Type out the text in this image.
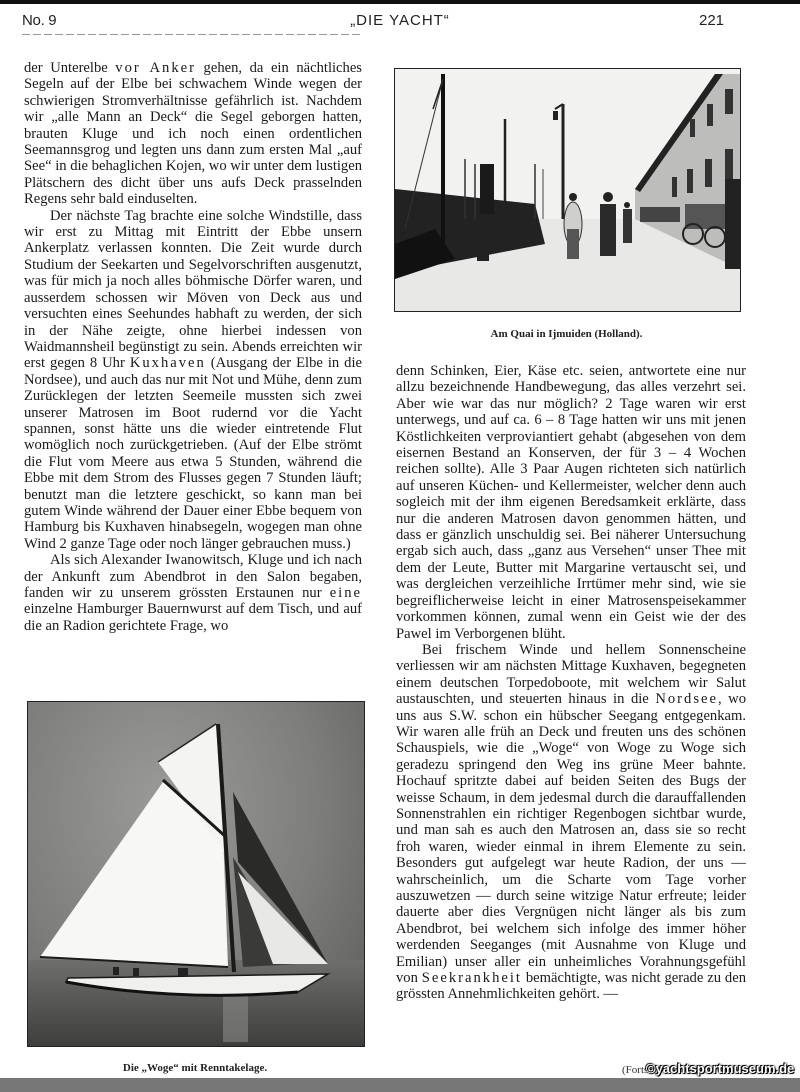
No. 9	„DIE YACHT“	221

der Unterelbe vor Anker gehen, da ein nächtliches Segeln auf der Elbe bei schwachem Winde wegen der schwierigen Stromverhältnisse gefährlich ist. Nachdem wir „alle Mann an Deck“ die Segel geborgen hatten, brauten Kluge und ich noch einen ordentlichen Seemannsgrog und legten uns dann zum ersten Mal „auf See“ in die behaglichen Kojen, wo wir unter dem lustigen Plätschern des dicht über uns aufs Deck prasselnden Regens sehr bald einduselten.

Der nächste Tag brachte eine solche Windstille, dass wir erst zu Mittag mit Eintritt der Ebbe unsern Ankerplatz verlassen konnten. Die Zeit wurde durch Studium der Seekarten und Segelvorschriften ausgenutzt, was für mich ja noch alles böhmische Dörfer waren, und ausserdem schossen wir Möven von Deck aus und versuchten eines Seehundes habhaft zu werden, der sich in der Nähe zeigte, ohne hierbei indessen von Waidmannsheil begünstigt zu sein. Abends erreichten wir erst gegen 8 Uhr Kuxhaven (Ausgang der Elbe in die Nordsee), und auch das nur mit Not und Mühe, denn zum Zurücklegen der letzten Seemeile mussten sich zwei unserer Matrosen im Boot rudernd vor die Yacht spannen, sonst hätte uns die wieder eintretende Flut womöglich noch zurückgetrieben. (Auf der Elbe strömt die Flut vom Meere aus etwa 5 Stunden, während die Ebbe mit dem Strom des Flusses gegen 7 Stunden läuft; benutzt man die letztere geschickt, so kann man bei gutem Winde während der Dauer einer Ebbe bequem von Hamburg bis Kuxhaven hinabsegeln, wogegen man ohne Wind 2 ganze Tage oder noch länger gebrauchen muss.)

Als sich Alexander Iwanowitsch, Kluge und ich nach der Ankunft zum Abendbrot in den Salon begaben, fanden wir zu unserem grössten Erstaunen nur eine einzelne Hamburger Bauernwurst auf dem Tisch, und auf die an Radion gerichtete Frage, wo

Am Quai in Ijmuiden (Holland).

denn Schinken, Eier, Käse etc. seien, antwortete eine nur allzu bezeichnende Handbewegung, das alles verzehrt sei. Aber wie war das nur möglich? 2 Tage waren wir erst unterwegs, und auf ca. 6 – 8 Tage hatten wir uns mit jenen Köstlichkeiten verproviantiert gehabt (abgesehen von dem eisernen Bestand an Konserven, der für 3 – 4 Wochen reichen sollte). Alle 3 Paar Augen richteten sich natürlich auf unseren Küchen- und Kellermeister, welcher denn auch sogleich mit der ihm eigenen Beredsamkeit erklärte, dass nur die anderen Matrosen davon genommen hätten, und dass er gänzlich unschuldig sei. Bei näherer Untersuchung ergab sich auch, dass „ganz aus Versehen“ unser Thee mit dem der Leute, Butter mit Margarine vertauscht sei, und was dergleichen verzeihliche Irrtümer mehr sind, wie sie begreiflicherweise leicht in einer Matrosenspeisekammer vorkommen können, zumal wenn ein Geist wie der des Pawel im Verborgenen blüht.

Bei frischem Winde und hellem Sonnenscheine verliessen wir am nächsten Mittage Kuxhaven, begegneten einem deutschen Torpedoboote, mit welchem wir Salut austauschten, und steuerten hinaus in die Nordsee, wo uns aus S.W. schon ein hübscher Seegang entgegenkam. Wir waren alle früh an Deck und freuten uns des schönen Schauspiels, wie die „Woge“ von Woge zu Woge sich geradezu springend den Weg ins grüne Meer bahnte. Hochauf spritzte dabei auf beiden Seiten des Bugs der weisse Schaum, in dem jedesmal durch die darauffallenden Sonnenstrahlen ein richtiger Regenbogen sichtbar wurde, und man sah es auch den Matrosen an, dass sie so recht froh waren, wieder einmal in ihrem Elemente zu sein. Besonders gut aufgelegt war heute Radion, der uns — wahrscheinlich, um die Scharte vom Tage vorher auszuwetzen — durch seine witzige Natur erfreute; leider dauerte aber dies Vergnügen nicht länger als bis zum Abendbrot, bei welchem sich infolge des immer höher werdenden Seeganges (mit Ausnahme von Kluge und Emilian) unser aller ein unheimliches Vorahnungsgefühl von Seekrankheit bemächtigte, was nicht gerade zu den grössten Annehmlichkeiten gehört. —

Die „Woge“ mit Renntakelage.	(Forts
©yachtsportmuseum.de
